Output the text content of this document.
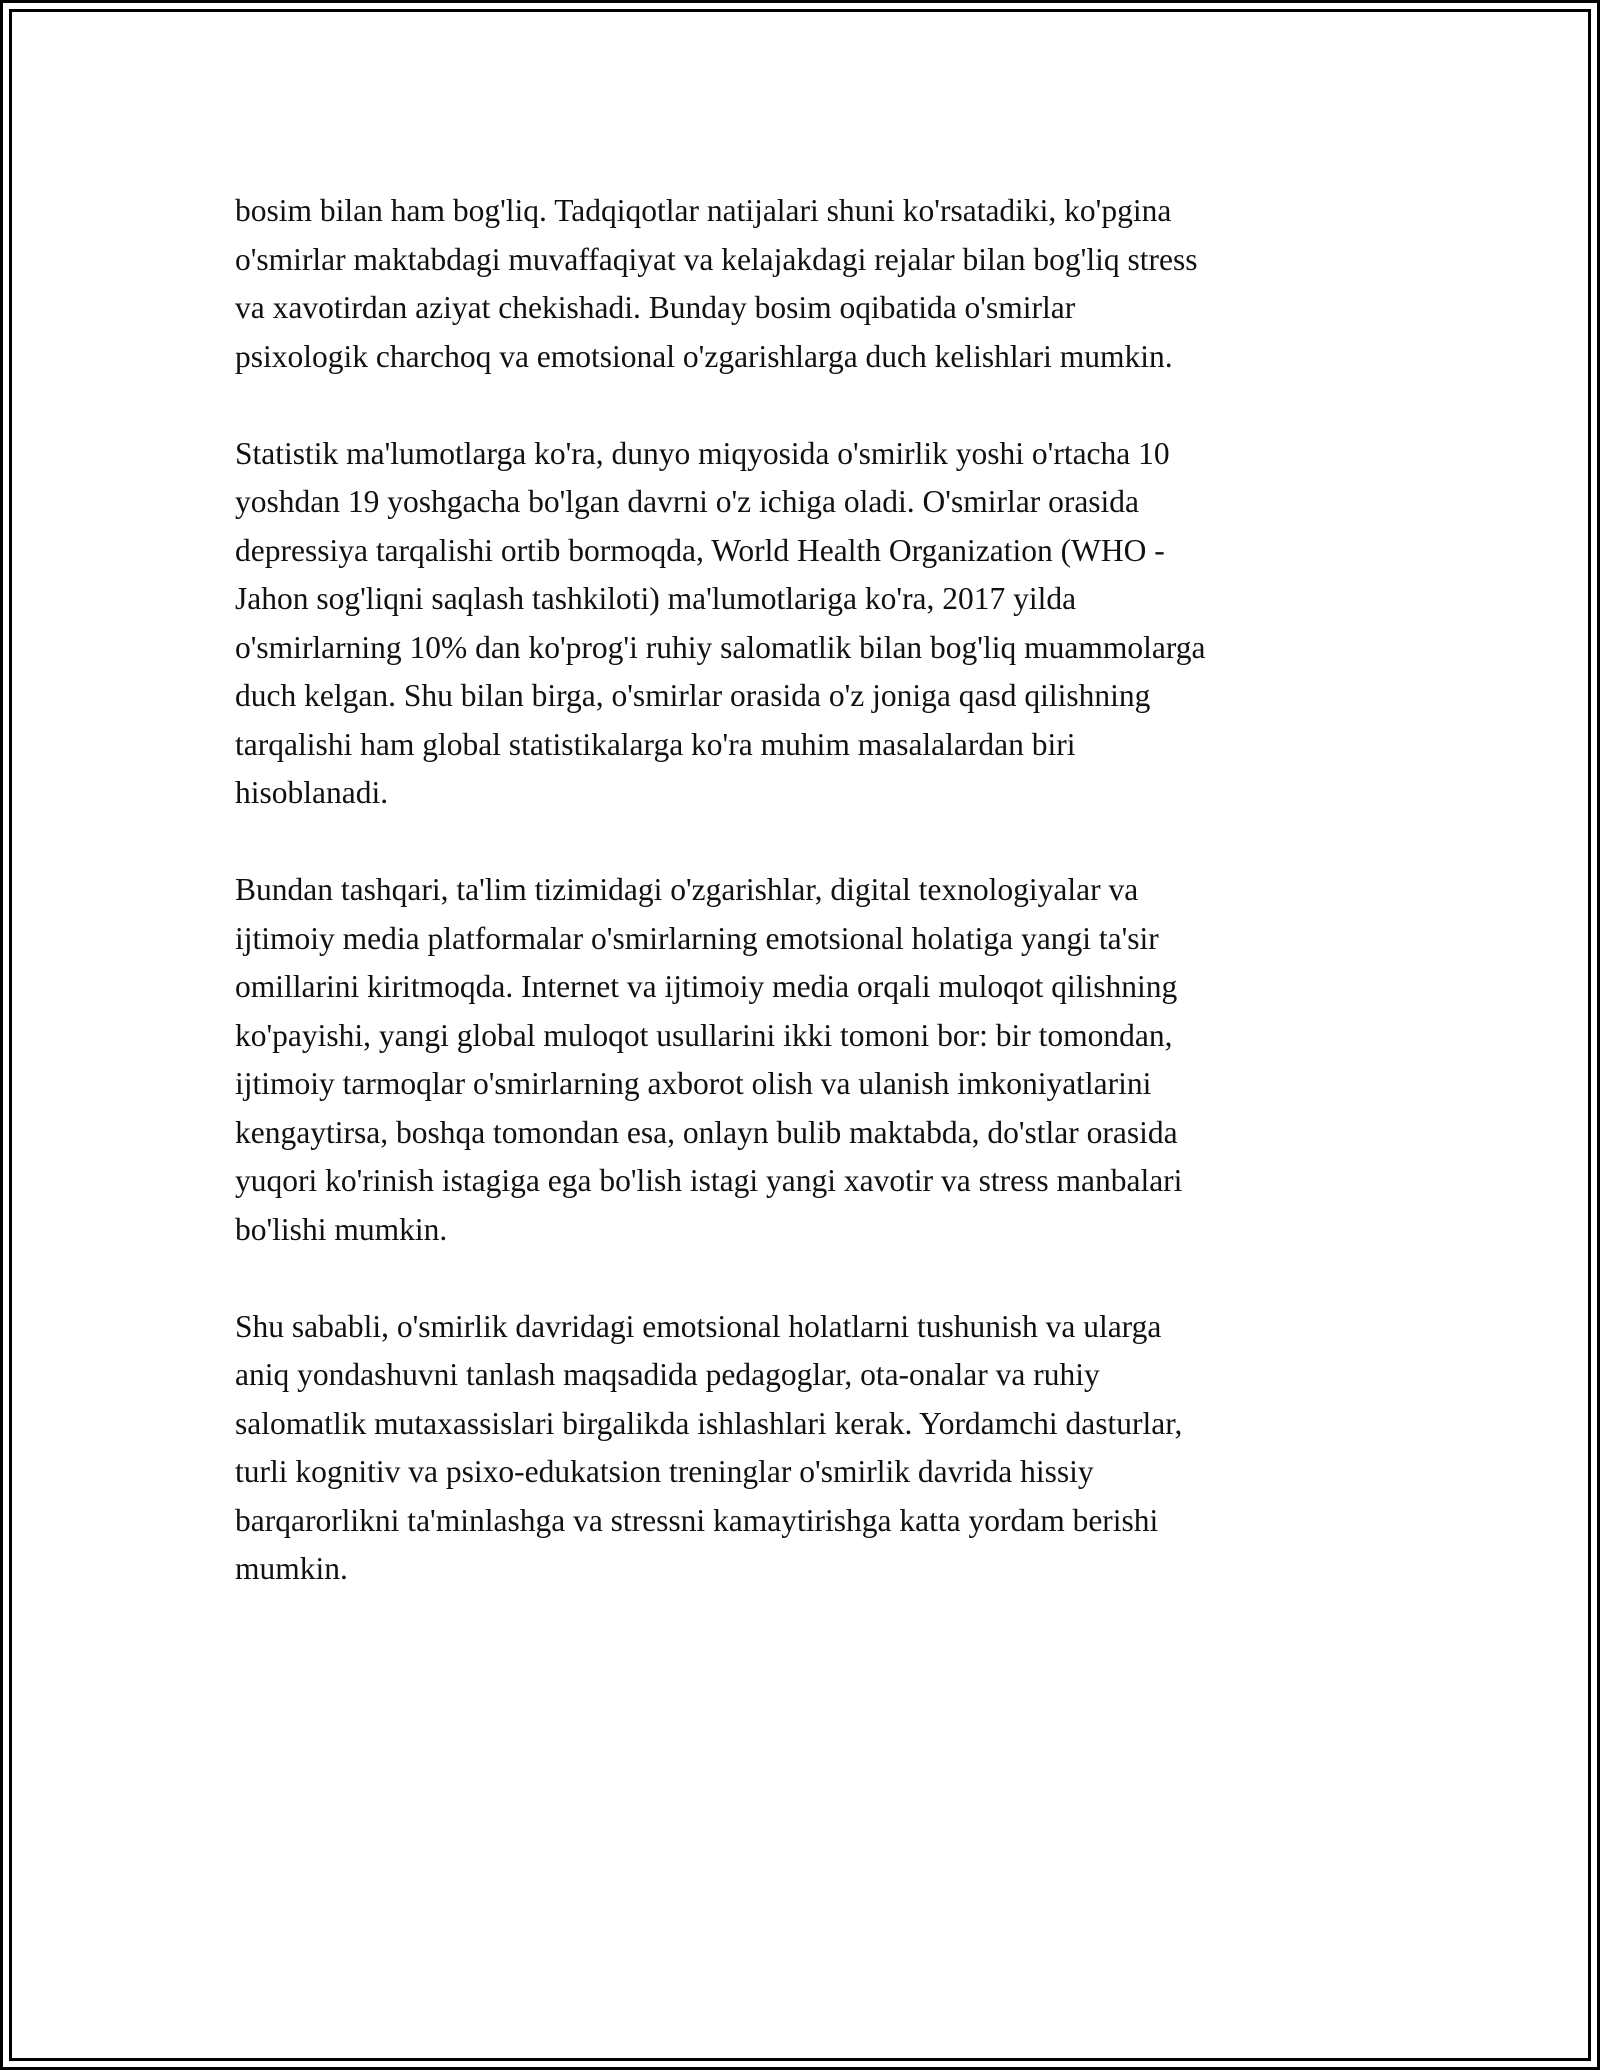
bosim bilan ham bog'liq. Tadqiqotlar natijalari shuni ko'rsatadiki, ko'pgina
o'smirlar maktabdagi muvaffaqiyat va kelajakdagi rejalar bilan bog'liq stress
va xavotirdan aziyat chekishadi. Bunday bosim oqibatida o'smirlar
psixologik charchoq va emotsional o'zgarishlarga duch kelishlari mumkin.

Statistik ma'lumotlarga ko'ra, dunyo miqyosida o'smirlik yoshi o'rtacha 10
yoshdan 19 yoshgacha bo'lgan davrni o'z ichiga oladi. O'smirlar orasida
depressiya tarqalishi ortib bormoqda, World Health Organization (WHO -
Jahon sog'liqni saqlash tashkiloti) ma'lumotlariga ko'ra, 2017 yilda
o'smirlarning 10% dan ko'prog'i ruhiy salomatlik bilan bog'liq muammolarga
duch kelgan. Shu bilan birga, o'smirlar orasida o'z joniga qasd qilishning
tarqalishi ham global statistikalarga ko'ra muhim masalalardan biri
hisoblanadi.

Bundan tashqari, ta'lim tizimidagi o'zgarishlar, digital texnologiyalar va
ijtimoiy media platformalar o'smirlarning emotsional holatiga yangi ta'sir
omillarini kiritmoqda. Internet va ijtimoiy media orqali muloqot qilishning
ko'payishi, yangi global muloqot usullarini ikki tomoni bor: bir tomondan,
ijtimoiy tarmoqlar o'smirlarning axborot olish va ulanish imkoniyatlarini
kengaytirsa, boshqa tomondan esa, onlayn bulib maktabda, do'stlar orasida
yuqori ko'rinish istagiga ega bo'lish istagi yangi xavotir va stress manbalari
bo'lishi mumkin.

Shu sababli, o'smirlik davridagi emotsional holatlarni tushunish va ularga
aniq yondashuvni tanlash maqsadida pedagoglar, ota-onalar va ruhiy
salomatlik mutaxassislari birgalikda ishlashlari kerak. Yordamchi dasturlar,
turli kognitiv va psixo-edukatsion treninglar o'smirlik davrida hissiy
barqarorlikni ta'minlashga va stressni kamaytirishga katta yordam berishi
mumkin.
